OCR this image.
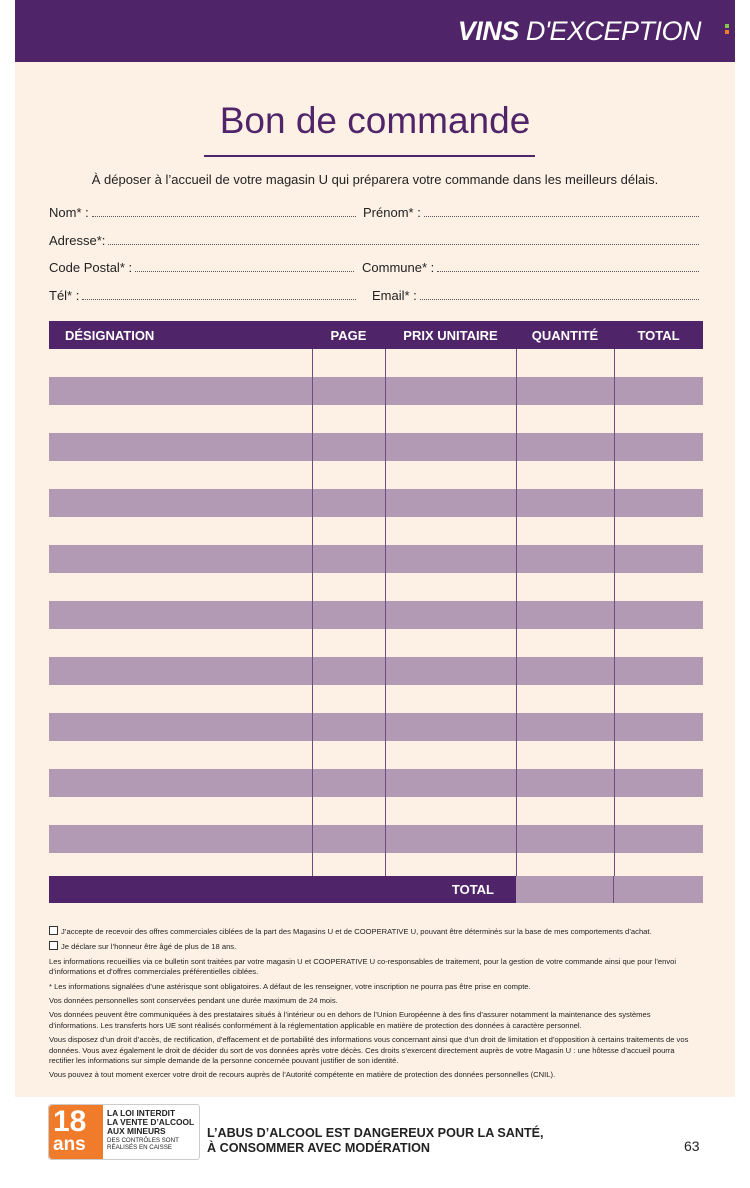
VINS D'EXCEPTION
Bon de commande
À déposer à l’accueil de votre magasin U qui préparera votre commande dans les meilleurs délais.
Nom* :	Prénom* :
Adresse*:
Code Postal* :	Commune* :
Tél* :	Email* :
DÉSIGNATION	PAGE	PRIX UNITAIRE	QUANTITÉ	TOTAL
TOTAL

J’accepte de recevoir des offres commerciales ciblées de la part des Magasins U et de COOPERATIVE U, pouvant être déterminés sur la base de mes comportements d’achat.

Je déclare sur l’honneur être âgé de plus de 18 ans.

Les informations recueillies via ce bulletin sont traitées par votre magasin U et COOPERATIVE U co-responsables de traitement, pour la gestion de votre commande ainsi que pour l’envoi d’informations et d’offres commerciales préférentielles ciblées.

* Les informations signalées d’une astérisque sont obligatoires. A défaut de les renseigner, votre inscription ne pourra pas être prise en compte.

Vos données personnelles sont conservées pendant une durée maximum de 24 mois.

Vos données peuvent être communiquées à des prestataires situés à l’intérieur ou en dehors de l’Union Européenne à des fins d’assurer notamment la maintenance des systèmes d’informations. Les transferts hors UE sont réalisés conformément à la réglementation applicable en matière de protection des données à caractère personnel.

Vous disposez d’un droit d’accès, de rectification, d’effacement et de portabilité des informations vous concernant ainsi que d’un droit de limitation et d’opposition à certains traitements de vos données. Vous avez également le droit de décider du sort de vos données après votre décès. Ces droits s’exercent directement auprès de votre Magasin U : une hôtesse d’accueil pourra rectifier les informations sur simple demande de la personne concernée pouvant justifier de son identité.

Vous pouvez à tout moment exercer votre droit de recours auprès de l’Autorité compétente en matière de protection des données personnelles (CNIL).

18
ans
LA LOI INTERDIT
LA VENTE D’ALCOOL
AUX MINEURS
DES CONTRÔLES SONT
RÉALISÉS EN CAISSE
L’ABUS D’ALCOOL EST DANGEREUX POUR LA SANTÉ,
À CONSOMMER AVEC MODÉRATION	63
